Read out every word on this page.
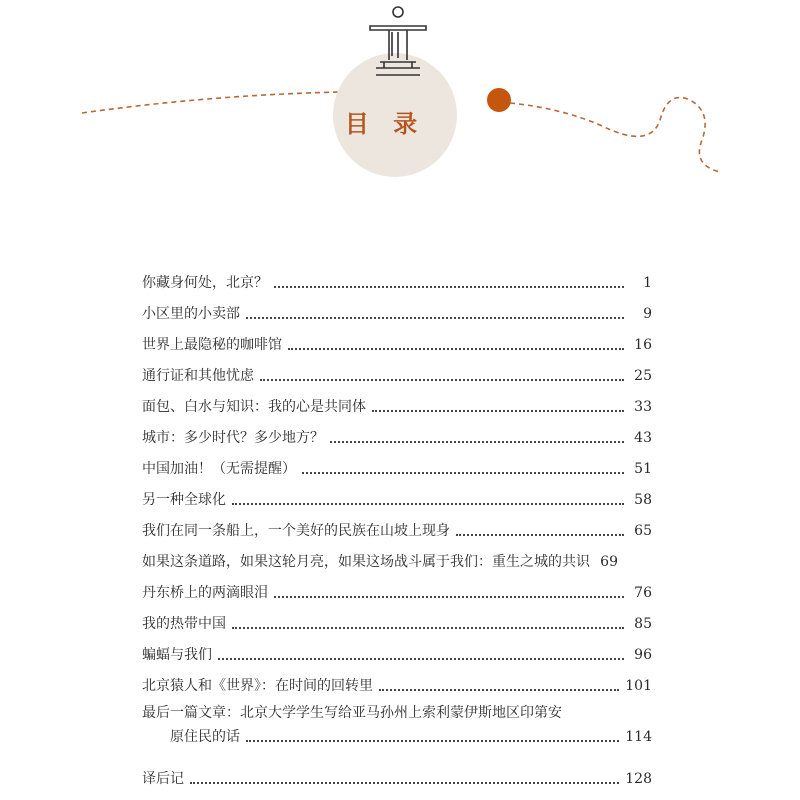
目 录
你藏身何处，北京？	1
小区里的小卖部	9
世界上最隐秘的咖啡馆	16
通行证和其他忧虑	25
面包、白水与知识：我的心是共同体	33
城市：多少时代？多少地方？	43
中国加油！（无需提醒）	51
另一种全球化	58
我们在同一条船上，一个美好的民族在山坡上现身	65
如果这条道路，如果这轮月亮，如果这场战斗属于我们：重生之城的共识 69
丹东桥上的两滴眼泪	76
我的热带中国	85
蝙蝠与我们	96
北京猿人和《世界》：在时间的回转里	101
最后一篇文章：北京大学学生写给亚马孙州上索利蒙伊斯地区印第安
原住民的话	114
译后记	128
